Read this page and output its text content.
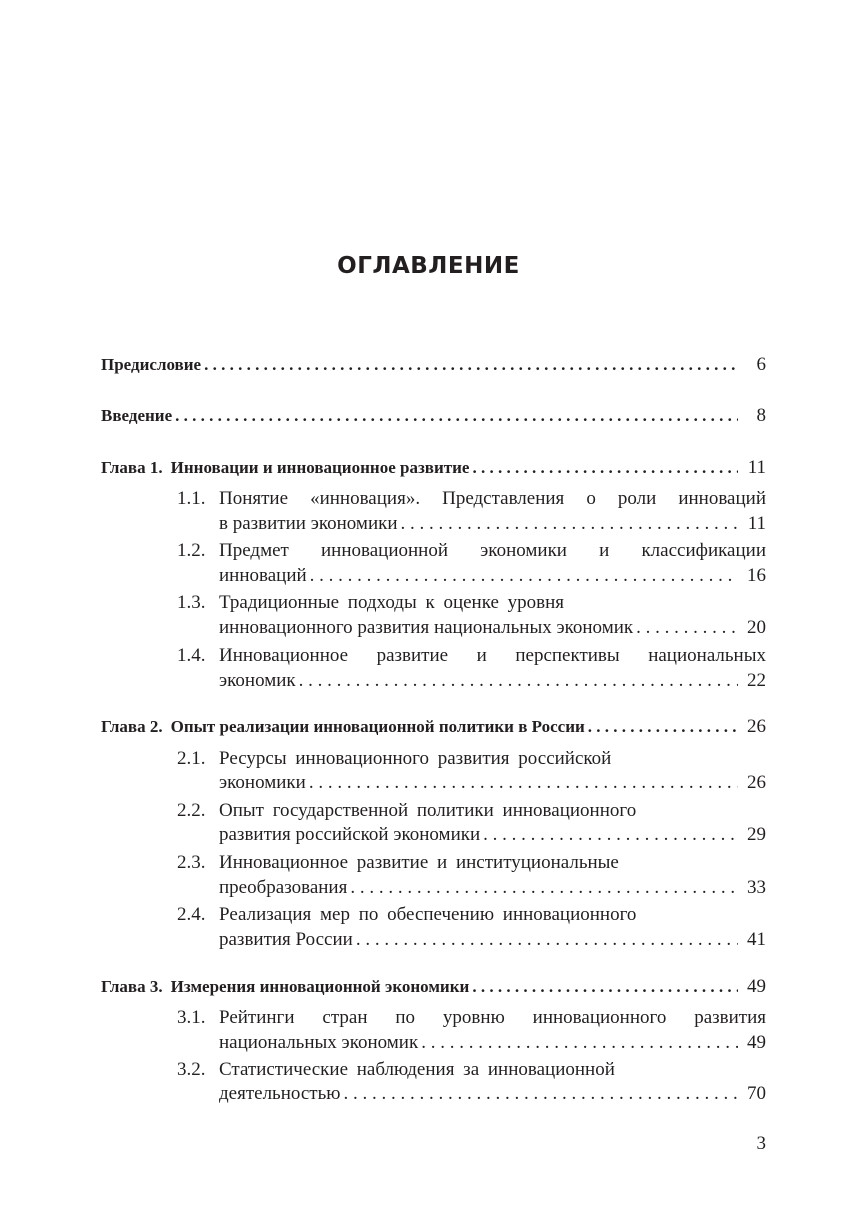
ОГЛАВЛЕНИЕ
Предисловие . . .	6
Введение . . .	8
Глава 1. Инновации и инновационное развитие . . .	11
1.1. Понятие «инновация». Представления о роли инноваций
в развитии экономики . . .	11
1.2. Предмет инновационной экономики и классификации
инноваций . . .	16
1.3. Традиционные подходы к оценке уровня
инновационного развития национальных экономик . . .	20
1.4. Инновационное развитие и перспективы национальных
экономик . . .	22
Глава 2. Опыт реализации инновационной политики в России . . .	26
2.1. Ресурсы инновационного развития российской
экономики . . .	26
2.2. Опыт государственной политики инновационного
развития российской экономики . . .	29
2.3. Инновационное развитие и институциональные
преобразования . . .	33
2.4. Реализация мер по обеспечению инновационного
развития России . . .	41
Глава 3. Измерения инновационной экономики . . .	49
3.1. Рейтинги стран по уровню инновационного развития
национальных экономик . . .	49
3.2. Статистические наблюдения за инновационной
деятельностью . . .	70
3
